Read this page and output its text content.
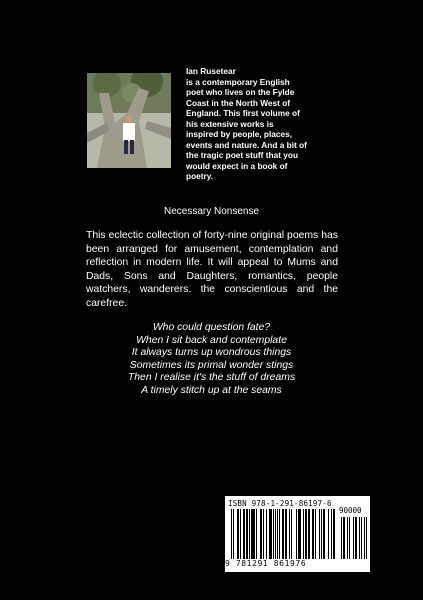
Ian Rusetear
is a contemporary English
poet who lives on the Fylde
Coast in the North West of
England. This first volume of
his extensive works is
inspired by people, places,
events and nature. And a bit of
the tragic poet stuff that you
would expect in a book of
poetry.
Necessary Nonsense
This eclectic collection of forty-nine original poems has been arranged for amusement, contemplation and reflection in modern life. It will appeal to Mums and Dads, Sons and Daughters, romantics, people watchers, wanderers. the conscientious and the carefree.
Who could question fate?
When I sit back and contemplate
It always turns up wondrous things
Sometimes its primal wonder stings
Then I realise it's the stuff of dreams
A timely stitch up at the seams
ISBN 978-1-291-86197-6
90000
9 781291 861976
